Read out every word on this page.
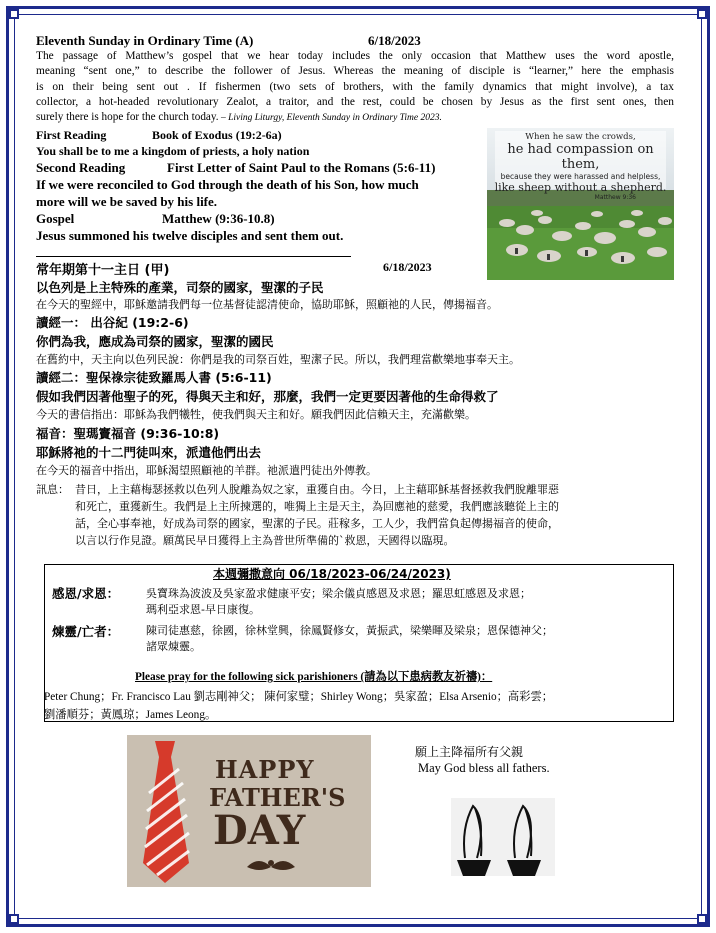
Eleventh Sunday in Ordinary Time (A)	6/18/2023
The passage of Matthew’s gospel that we hear today includes the only occasion that Matthew uses the word apostle,
meaning “sent one,” to describe the follower of Jesus. Whereas the meaning of disciple is “learner,” here the emphasis
is on their being sent out . If fishermen (two sets of brothers, with the family dynamics that might involve), a tax
collector, a hot-headed revolutionary Zealot, a traitor, and the rest, could be chosen by Jesus as the first sent ones, then
surely there is hope for the church today. – Living Liturgy, Eleventh Sunday in Ordinary Time 2023.
First Reading	Book of Exodus (19:2-6a)
You shall be to me a kingdom of priests, a holy nation
Second Reading	First Letter of Saint Paul to the Romans (5:6-11)
If we were reconciled to God through the death of his Son, how much
more will we be saved by his life.
Gospel	Matthew (9:36-10.8)
Jesus summoned his twelve disciples and sent them out.
When he saw the crowds,
he had compassion on them,
because they were harassed and helpless,
like sheep without a shepherd.
Matthew 9:36
常年期第十一主日 (甲)	6/18/2023
以色列是上主特殊的產業，司祭的國家，聖潔的子民
在今天的聖經中，耶穌邀請我們每一位基督徒認清使命，協助耶穌，照顧祂的人民，傳揚福音。
讀經一： 出谷紀 (19:2-6)
你們為我，應成為司祭的國家，聖潔的國民
在舊約中，天主向以色列民說：你們是我的司祭百姓，聖潔子民。所以，我們理當歡樂地事奉天主。
讀經二：聖保祿宗徒致羅馬人書 (5:6-11)
假如我們因著他聖子的死，得與天主和好，那麼，我們一定更要因著他的生命得救了
今天的書信指出：耶穌為我們犧牲，使我們與天主和好。願我們因此信賴天主，充滿歡樂。
福音：聖瑪竇福音 (9:36-10:8)
耶穌將祂的十二門徒叫來，派遣他們出去
在今天的福音中指出，耶穌渴望照顧祂的羊群。祂派遣門徒出外傳教。
訊息： 昔日，上主藉梅瑟拯救以色列人脫離為奴之家，重獲自由。今日，上主藉耶穌基督拯救我們脫離罪惡
和死亡，重獲新生。我們是上主所揀選的，唯獨上主是天主，為回應祂的慈愛，我們應該聽從上主的
話，全心事奉祂，好成為司祭的國家，聖潔的子民。莊稼多，工人少，我們當負起傳揚福音的使命，
以言以行作見證。願萬民早日獲得上主為普世所準備的`救恩，天國得以臨現。
本週彌撒意向 06/18/2023-06/24/2023)
感恩/求恩： 吳寶珠為波波及吳家盈求健康平安；梁余儀貞感恩及求恩；羅思虹感恩及求恩；
瑪利亞求恩-早日康復。
煉靈/亡者： 陳司徒惠慈，徐國，徐林堂興，徐鳳賢修女，黃振武，梁樂暉及梁泉；恩保德神父；
諸眾煉靈。
Please pray for the following sick parishioners (請為以下患病教友祈禱)：
Peter Chung；Fr. Francisco Lau 劉志剛神父； 陳何家璧；Shirley Wong；吳家盈；Elsa Arsenio；高彩雲；
劉潘順芬；黃鳳琼；James Leong。
HAPPY
FATHER'S
DAY
願上主降福所有父親
May God bless all fathers.
